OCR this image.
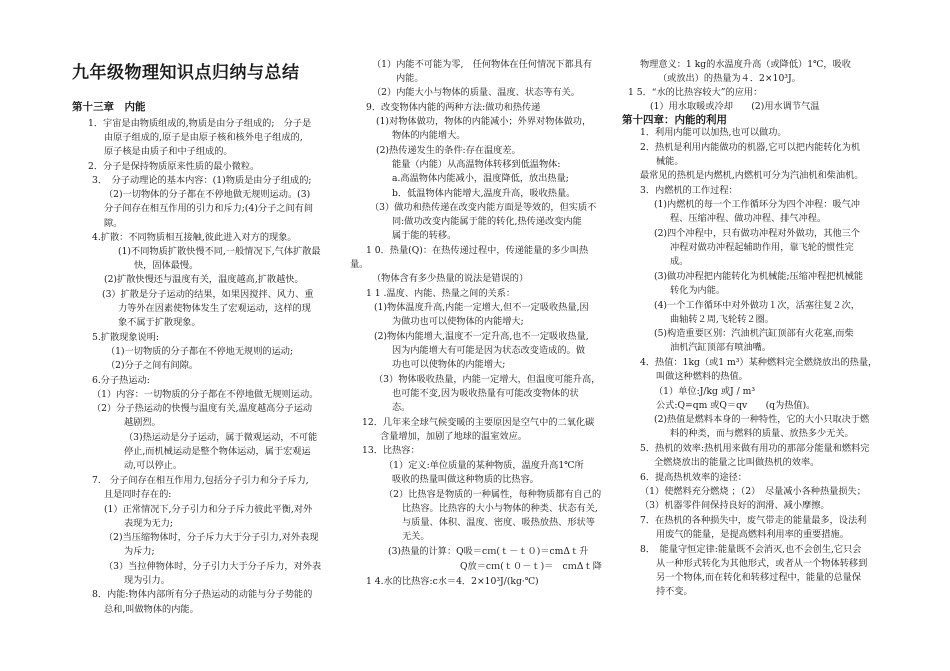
九年级物理知识点归纳与总结
第十三章　内能
第十四章：内能的利用
1．宇宙是由物质组成的,物质是由分子组成的;　分子是
由原子组成的,原子是由原子核和核外电子组成的,
原子核是由质子和中子组成的。
2．分子是保持物质原来性质的最小微粒。
3．　分子动理论的基本内容：(1)物质是由分子组成的;
（2)一切物体的分子都在不停地做无规则运动。(3)
分子间存在相互作用的引力和斥力;(4)分子之间有间
隙。
4.扩散：不同物质相互接触,彼此进入对方的现象。
(1)不同物质扩散快慢不同,一般情况下,气体扩散最
快，固体最慢。
(2)扩散快慢还与温度有关，温度越高,扩散越快。
(3）扩散是分子运动的结果，如果因搅拌、风力、重
力等外在因素使物体发生了宏观运动，这样的现
象不属于扩散现象。
5.扩散现象说明:
（1)一切物质的分子都在不停地无规则的运动;
（2)分子之间有间隙。
6.分子热运动:
（1）内容：一切物质的分子都在不停地做无规则运动。
（2）分子热运动的快慢与温度有关,温度越高分子运动
越剧烈。
（3)热运动是分子运动，属于微观运动，不可能
停止,而机械运动是整个物体运动，属于宏观运
动,可以停止。
7.　分子间存在相互作用力,包括分子引力和分子斥力,
且是同时存在的:
(1）正常情况下,分子引力和分子斥力彼此平衡,对外
表现为无力;
（2)当压缩物体时，分子斥力大于分子引力,对外表现
为斥力;
（3）当拉伸物体时，分子引力大于分子斥力，对外表
现为引力。
8．内能:物体内部所有分子热运动的动能与分子势能的
总和,叫做物体的内能。
（1）内能不可能为零,　任何物体在任何情况下都具有
内能。
（2）内能大小与物体的质量、温度、状态等有关。
9．改变物体内能的两种方法:做功和热传递
(1)对物体做功，物体的内能减小；外界对物体做功，
物体的内能增大。
(2)热传递发生的条件:存在温度差。
能量（内能）从高温物体转移到低温物体:
a.高温物体内能减小，温度降低，放出热量;
b．低温物体内能增大,温度升高，吸收热量。
（3）做功和热传递在改变内能方面是等效的，但实质不
同:做功改变内能属于能的转化,热传递改变内能
属于能的转移。
1 0．热量(Q)：在热传递过程中，传递能量的多少叫热
量。
（物体含有多少热量的说法是错误的）
1 1 .温度、内能、热量之间的关系：
(1)物体温度升高,内能一定增大,但不一定吸收热量,因
为做功也可以使物体的内能增大;
(2)物体内能增大,温度不一定升高,也不一定吸收热量,
因为内能增大有可能是因为状态改变造成的。做
功也可以使物体的内能增大;
（3）物体吸收热量，内能一定增大，但温度可能升高，
也可能不变,因为吸收热量有可能改变物体的状
态。
12．几年来全球气候变暖的主要原因是空气中的二氧化碳
含量增加，加剧了地球的温室效应。
13．比热容：
（1）定义:单位质量的某种物质，温度升高1℃所
吸收的热量叫做这种物质的比热容。
（2）比热容是物质的一种属性，每种物质都有自己的
比热容。比热容的大小与物体的种类、状态有关,
与质量、体积、温度、密度、吸热放热、形状等
无关。
(3)热量的计算：Q吸＝cｍ(ｔ－ｔ０)＝cmΔｔ升
Q放＝cｍ(ｔ０－ｔ)＝　cｍΔｔ降
1 4.水的比热容:c水＝4．2×10³J/(kg·℃)
物理意义：1 kg的水温度升高（或降低）1℃，吸收
（或放出）的热量为４．2×10³J。
1 5．“水的比热容较大”的应用：
(1）用水取暖或冷却　　(2)用水调节气温
1．利用内能可以加热,也可以做功。
2．热机是利用内能做功的机器,它可以把内能转化为机
械能。
最常见的热机是内燃机,内燃机可分为汽油机和柴油机。
3．内燃机的工作过程：
(1)内燃机的每一个工作循环分为四个冲程：吸气冲
程、压缩冲程、做功冲程、排气冲程。
(2)四个冲程中，只有做功冲程对外做功，其他三个
冲程对做功冲程起辅助作用，靠飞轮的惯性完
成。
(3)做功冲程把内能转化为机械能;压缩冲程把机械能
转化为内能。
(4)一个工作循环中对外做功１次，活塞往复２次，
曲轴转２周,飞轮转２圈。
(5)构造重要区别：汽油机汽缸顶部有火花塞,而柴
油机汽缸顶部有喷油嘴。
4．热值：1kg（或1 m³）某种燃料完全燃烧放出的热量，
叫做这种燃料的热值。
（1）单位:J/kg 或J / m³
公式:Q=qm 或Q＝qv　　(q为热值)。
(2)热值是燃料本身的一种特性，它的大小只取决于燃
料的种类，而与燃料的质量、放热多少无关。
5．热机的效率:热机用来做有用功的那部分能量和燃料完
全燃烧放出的能量之比叫做热机的效率。
6．提高热机效率的途径：
（1）使燃料充分燃烧 ；（2）　尽量减小各种热量损失；
（3）机器零件间保持良好的润滑、减小摩擦。
7．在热机的各种损失中，废气带走的能量最多，设法利
用废气的能量，是提高燃料利用率的重要措施。
8．　能量守恒定律:能量既不会消灭,也不会创生,它只会
从一种形式转化为其他形式，或者从一个物体转移到
另一个物体,而在转化和转移过程中，能量的总量保
持不变。
